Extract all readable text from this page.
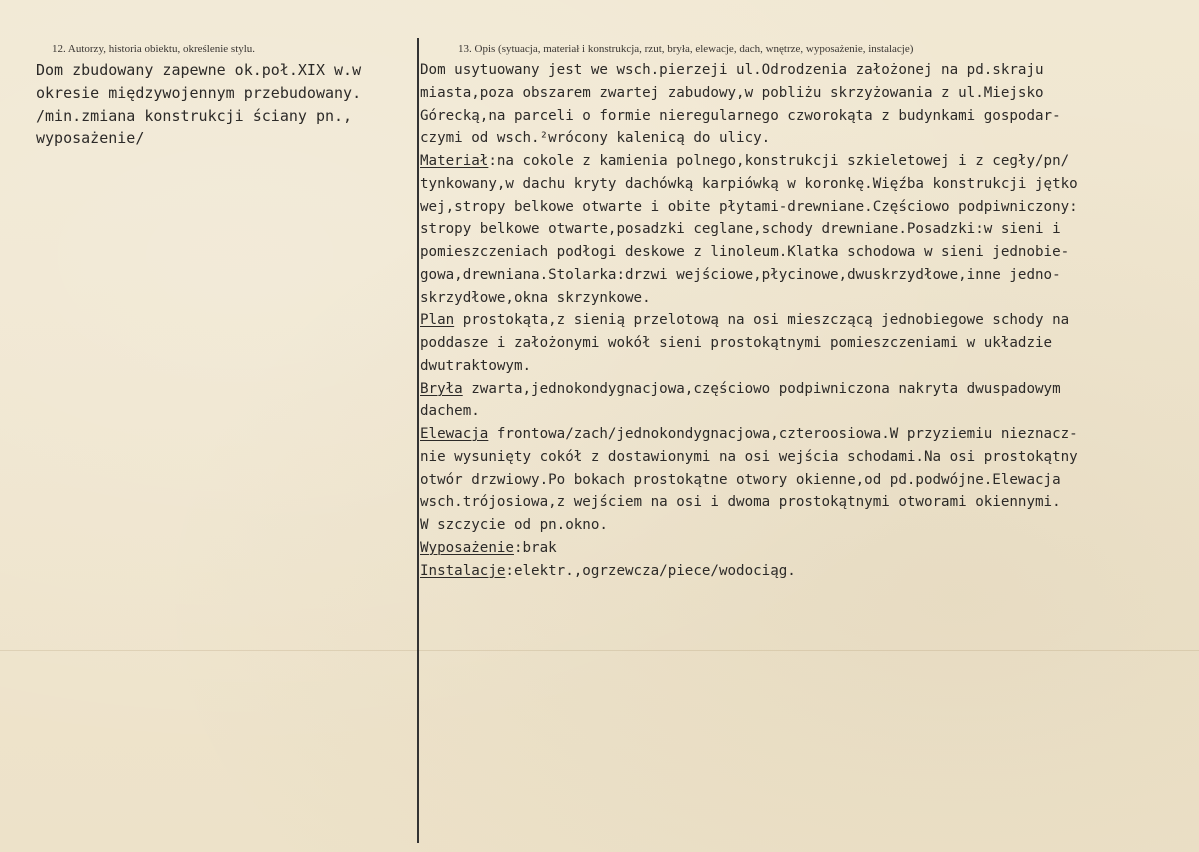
12. Autorzy, historia obiektu, określenie stylu.	13. Opis (sytuacja, materiał i konstrukcja, rzut, bryła, elewacje, dach, wnętrze, wyposażenie, instalacje)
Dom zbudowany zapewne ok.poł.XIX w.w
okresie międzywojennym przebudowany.
/min.zmiana konstrukcji ściany pn.,
wyposażenie/
Dom usytuowany jest we wsch.pierzeji ul.Odrodzenia założonej na pd.skraju
miasta,poza obszarem zwartej zabudowy,w pobliżu skrzyżowania z ul.Miejsko
Górecką,na parceli o formie nieregularnego czworokąta z budynkami gospodar-
czymi od wsch.²wrócony kalenicą do ulicy.
Materiał:na cokole z kamienia polnego,konstrukcji szkieletowej i z cegły/pn/
tynkowany,w dachu kryty dachówką karpiówką w koronkę.Więźba konstrukcji jętko
wej,stropy belkowe otwarte i obite płytami-drewniane.Częściowo podpiwniczony:
stropy belkowe otwarte,posadzki ceglane,schody drewniane.Posadzki:w sieni i
pomieszczeniach podłogi deskowe z linoleum.Klatka schodowa w sieni jednobie-
gowa,drewniana.Stolarka:drzwi wejściowe,płycinowe,dwuskrzydłowe,inne jedno-
skrzydłowe,okna skrzynkowe.
Plan prostokąta,z sienią przelotową na osi mieszczącą jednobiegowe schody na
poddasze i założonymi wokół sieni prostokątnymi pomieszczeniami w układzie
dwutraktowym.
Bryła zwarta,jednokondygnacjowa,częściowo podpiwniczona nakryta dwuspadowym
dachem.
Elewacja frontowa/zach/jednokondygnacjowa,czteroosiowa.W przyziemiu nieznacz-
nie wysunięty cokół z dostawionymi na osi wejścia schodami.Na osi prostokątny
otwór drzwiowy.Po bokach prostokątne otwory okienne,od pd.podwójne.Elewacja
wsch.trójosiowa,z wejściem na osi i dwoma prostokątnymi otworami okiennymi.
W szczycie od pn.okno.
Wyposażenie:brak
Instalacje:elektr.,ogrzewcza/piece/wodociąg.
